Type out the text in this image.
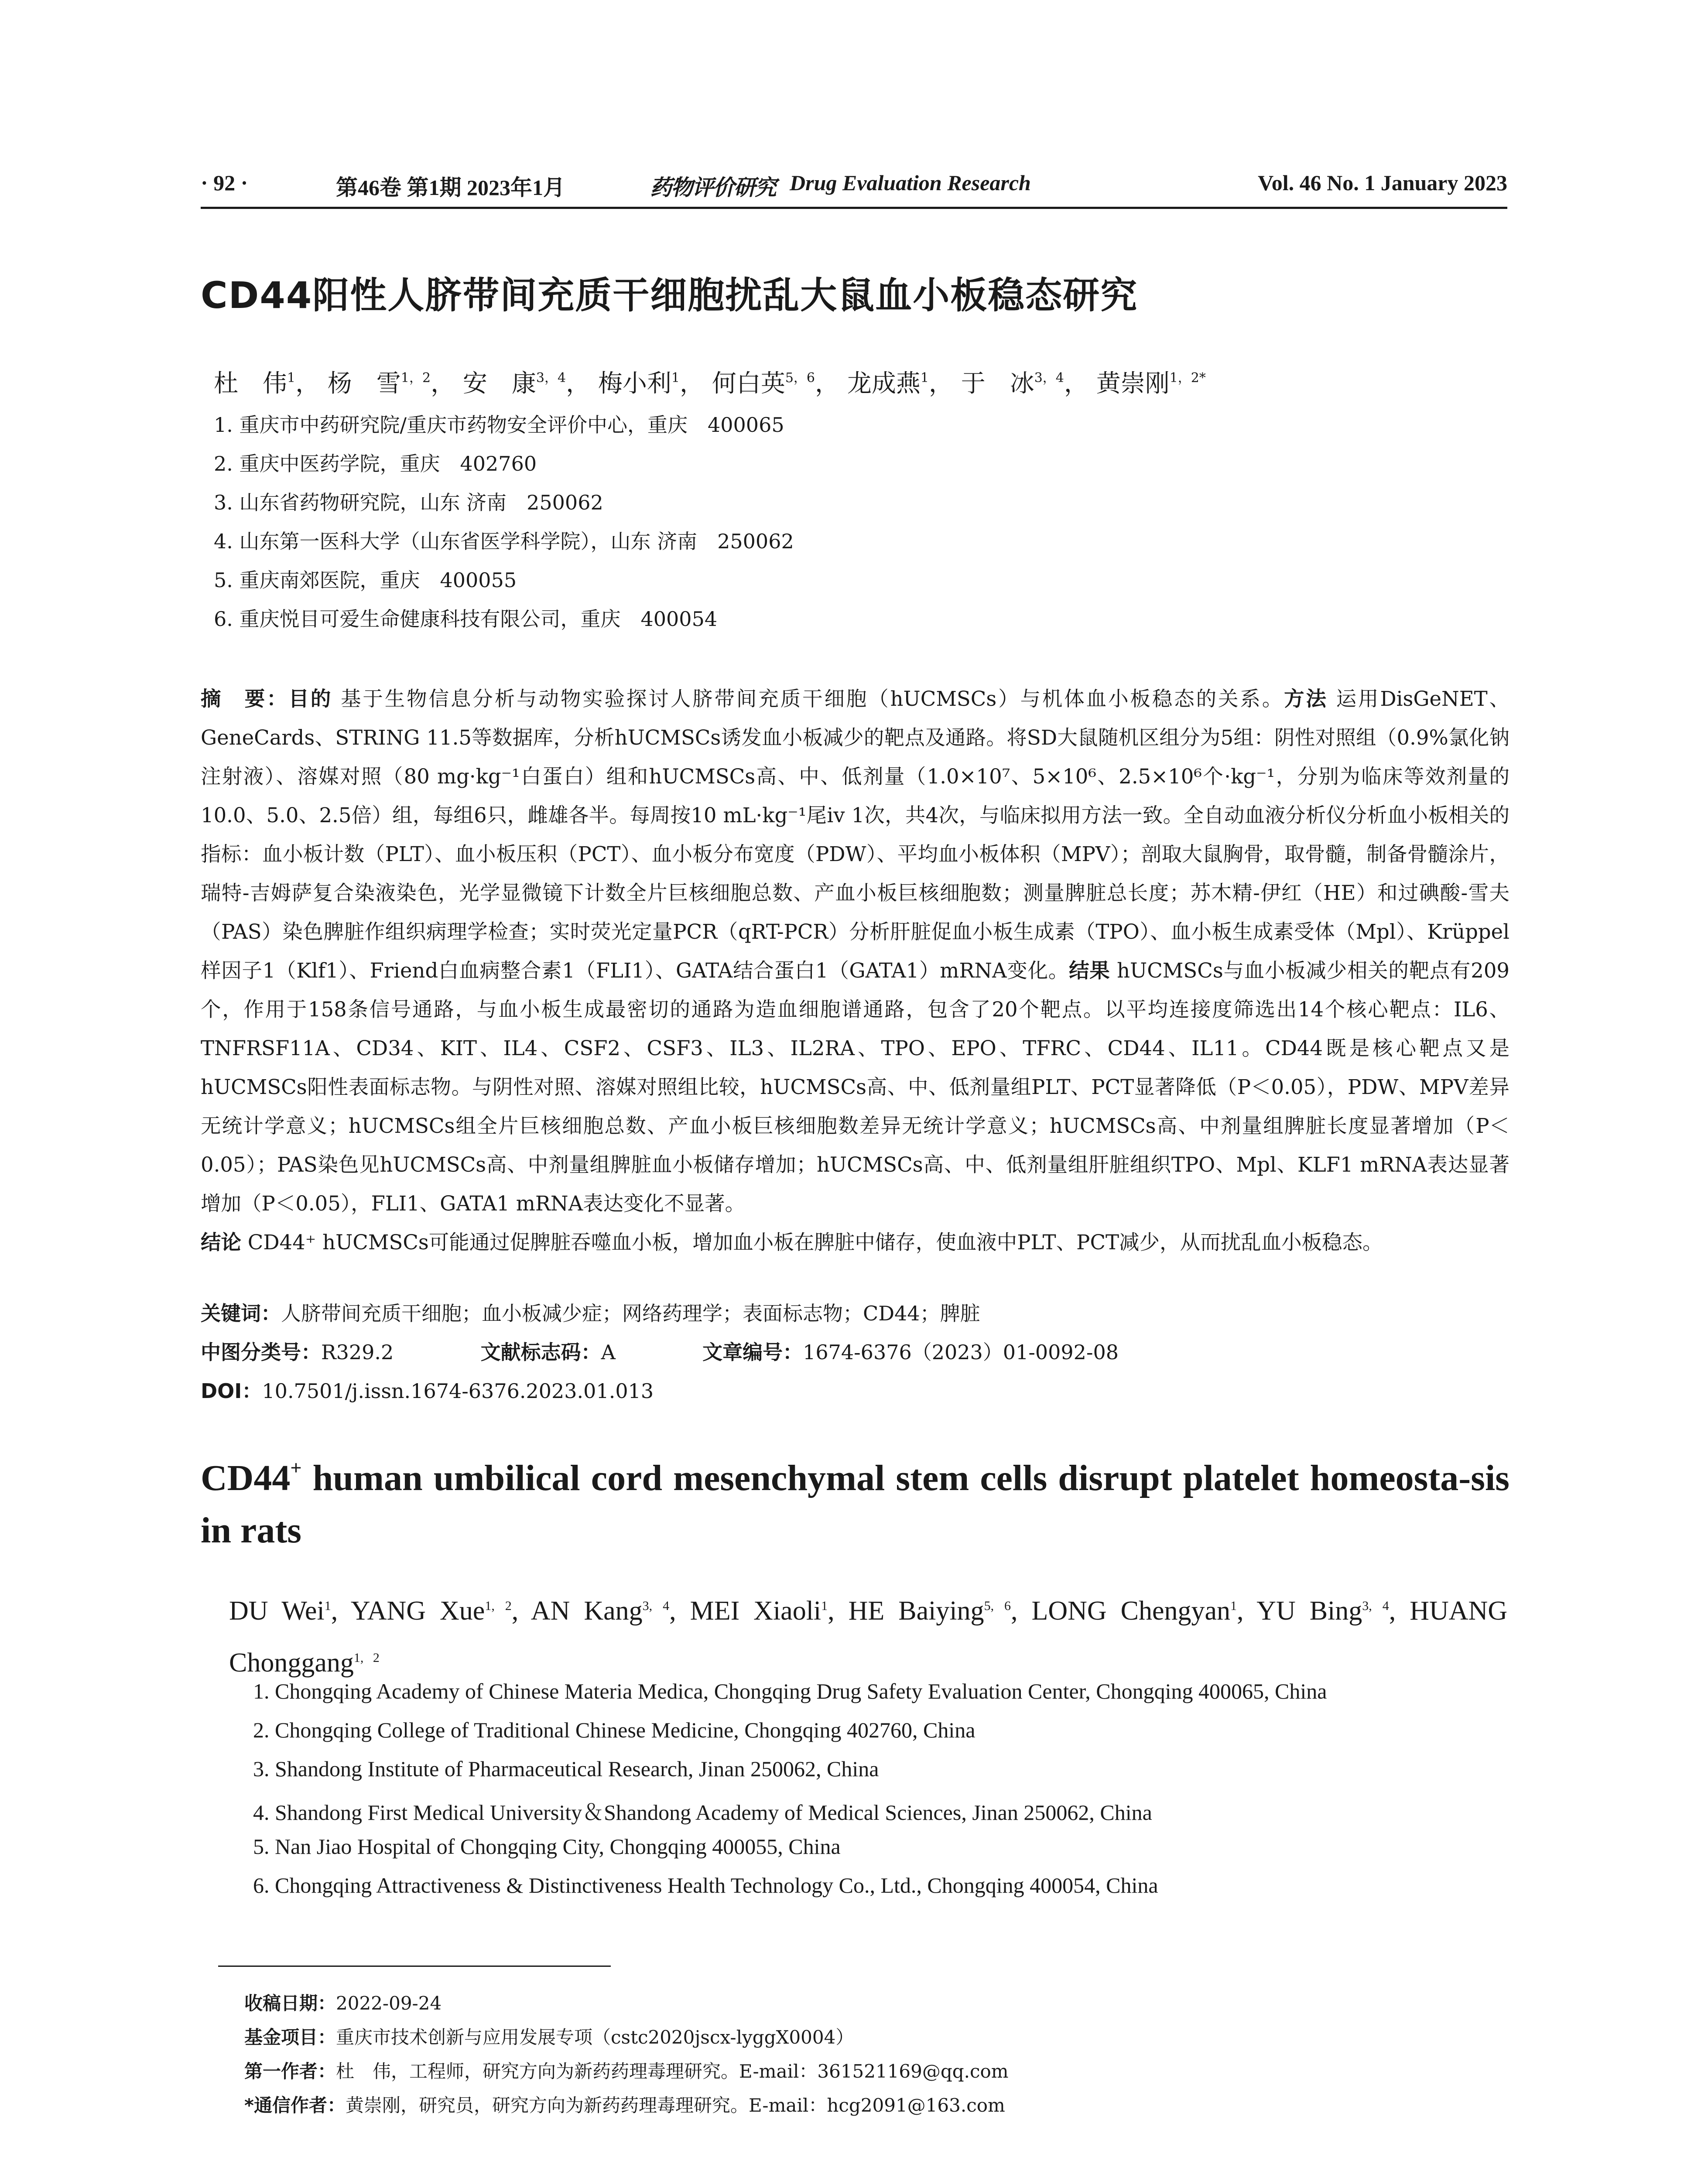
· 92 ·	第46卷 第1期 2023年1月	药物评价研究 Drug Evaluation Research	Vol. 46 No. 1 January 2023
CD44阳性人脐带间充质干细胞扰乱大鼠血小板稳态研究
杜　伟$^1$， 杨　雪$^{1,2}$， 安　康$^{3,4}$， 梅小利$^1$， 何白英$^{5,6}$， 龙成燕$^1$， 于　冰$^{3,4}$， 黄崇刚$^{1,2*}$
1. 重庆市中药研究院/重庆市药物安全评价中心，重庆　400065
2. 重庆中医药学院，重庆　402760
3. 山东省药物研究院，山东 济南　250062
4. 山东第一医科大学（山东省医学科学院），山东 济南　250062
5. 重庆南郊医院，重庆　400055
6. 重庆悦目可爱生命健康科技有限公司，重庆　400054

摘　要：目的 基于生物信息分析与动物实验探讨人脐带间充质干细胞（hUCMSCs）与机体血小板稳态的关系。方法 运用DisGeNET、GeneCards、STRING 11.5等数据库，分析hUCMSCs诱发血小板减少的靶点及通路。将SD大鼠随机区组分为5组：阴性对照组（0.9%氯化钠注射液）、溶媒对照（80 mg·kg⁻¹白蛋白）组和hUCMSCs高、中、低剂量（1.0×10⁷、5×10⁶、2.5×10⁶个·kg⁻¹，分别为临床等效剂量的10.0、5.0、2.5倍）组，每组6只，雌雄各半。每周按10 mL·kg⁻¹尾iv 1次，共4次，与临床拟用方法一致。全自动血液分析仪分析血小板相关的指标：血小板计数（PLT）、血小板压积（PCT）、血小板分布宽度（PDW）、平均血小板体积（MPV）；剖取大鼠胸骨，取骨髓，制备骨髓涂片，瑞特-吉姆萨复合染液染色，光学显微镜下计数全片巨核细胞总数、产血小板巨核细胞数；测量脾脏总长度；苏木精-伊红（HE）和过碘酸-雪夫（PAS）染色脾脏作组织病理学检查；实时荧光定量PCR（qRT-PCR）分析肝脏促血小板生成素（TPO）、血小板生成素受体（Mpl）、Krüppel样因子1（Klf1）、Friend白血病整合素1（FLI1）、GATA结合蛋白1（GATA1）mRNA变化。结果 hUCMSCs与血小板减少相关的靶点有209个，作用于158条信号通路，与血小板生成最密切的通路为造血细胞谱通路，包含了20个靶点。以平均连接度筛选出14个核心靶点：IL6、TNFRSF11A、CD34、KIT、IL4、CSF2、CSF3、IL3、IL2RA、TPO、EPO、TFRC、CD44、IL11。CD44既是核心靶点又是hUCMSCs阳性表面标志物。与阴性对照、溶媒对照组比较，hUCMSCs高、中、低剂量组PLT、PCT显著降低（P＜0.05），PDW、MPV差异无统计学意义；hUCMSCs组全片巨核细胞总数、产血小板巨核细胞数差异无统计学意义；hUCMSCs高、中剂量组脾脏长度显著增加（P＜0.05）；PAS染色见hUCMSCs高、中剂量组脾脏血小板储存增加；hUCMSCs高、中、低剂量组肝脏组织TPO、Mpl、KLF1 mRNA表达显著增加（P＜0.05），FLI1、GATA1 mRNA表达变化不显著。

结论 CD44⁺ hUCMSCs可能通过促脾脏吞噬血小板，增加血小板在脾脏中储存，使血液中PLT、PCT减少，从而扰乱血小板稳态。

关键词：人脐带间充质干细胞；血小板减少症；网络药理学；表面标志物；CD44；脾脏
中图分类号：R329.2	文献标志码：A	文章编号：1674-6376（2023）01-0092-08
DOI：10.7501/j.issn.1674-6376.2023.01.013
CD44+ human umbilical cord mesenchymal stem cells disrupt platelet homeosta-sis in rats
DU Wei$^1$, YANG Xue$^{1, 2}$, AN Kang$^{3, 4}$, MEI Xiaoli$^1$, HE Baiying$^{5, 6}$, LONG Chengyan$^1$, YU Bing$^{3, 4}$, HUANG Chonggang$^{1, 2}$
1. Chongqing Academy of Chinese Materia Medica, Chongqing Drug Safety Evaluation Center, Chongqing 400065, China
2. Chongqing College of Traditional Chinese Medicine, Chongqing 402760, China
3. Shandong Institute of Pharmaceutical Research, Jinan 250062, China
4. Shandong First Medical University＆Shandong Academy of Medical Sciences, Jinan 250062, China
5. Nan Jiao Hospital of Chongqing City, Chongqing 400055, China
6. Chongqing Attractiveness & Distinctiveness Health Technology Co., Ltd., Chongqing 400054, China
收稿日期：2022-09-24
基金项目：重庆市技术创新与应用发展专项（cstc2020jscx-lyggX0004）
第一作者：杜　伟，工程师，研究方向为新药药理毒理研究。E-mail：361521169@qq.com
*通信作者：黄崇刚，研究员，研究方向为新药药理毒理研究。E-mail：hcg2091@163.com
